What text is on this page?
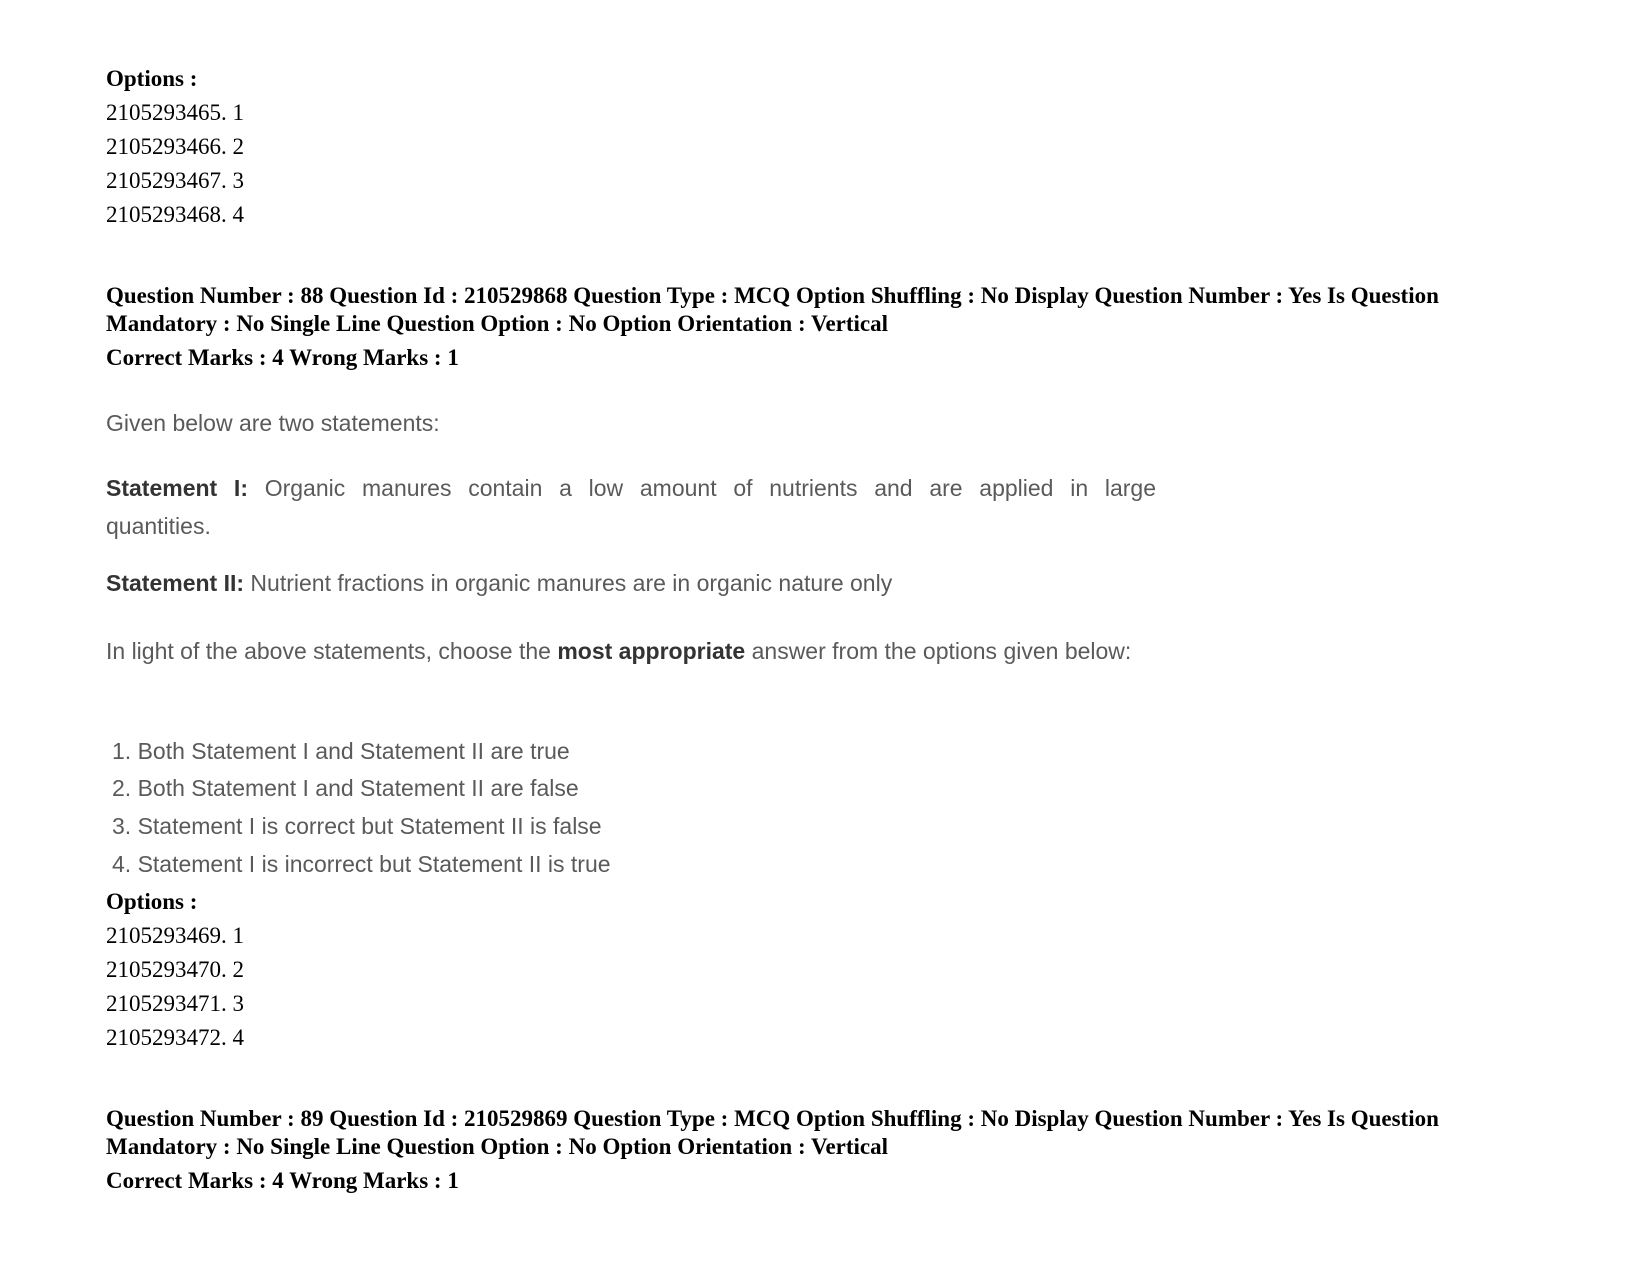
Options :
2105293465. 1
2105293466. 2
2105293467. 3
2105293468. 4
Question Number : 88 Question Id : 210529868 Question Type : MCQ Option Shuffling : No Display Question Number : Yes Is Question
Mandatory : No Single Line Question Option : No Option Orientation : Vertical
Correct Marks : 4 Wrong Marks : 1
Given below are two statements:
Statement I: Organic manures contain a low amount of nutrients and are applied in large quantities.
Statement II: Nutrient fractions in organic manures are in organic nature only
In light of the above statements, choose the most appropriate answer from the options given below:
1. Both Statement I and Statement II are true
2. Both Statement I and Statement II are false
3. Statement I is correct but Statement II is false
4. Statement I is incorrect but Statement II is true
Options :
2105293469. 1
2105293470. 2
2105293471. 3
2105293472. 4
Question Number : 89 Question Id : 210529869 Question Type : MCQ Option Shuffling : No Display Question Number : Yes Is Question
Mandatory : No Single Line Question Option : No Option Orientation : Vertical
Correct Marks : 4 Wrong Marks : 1
